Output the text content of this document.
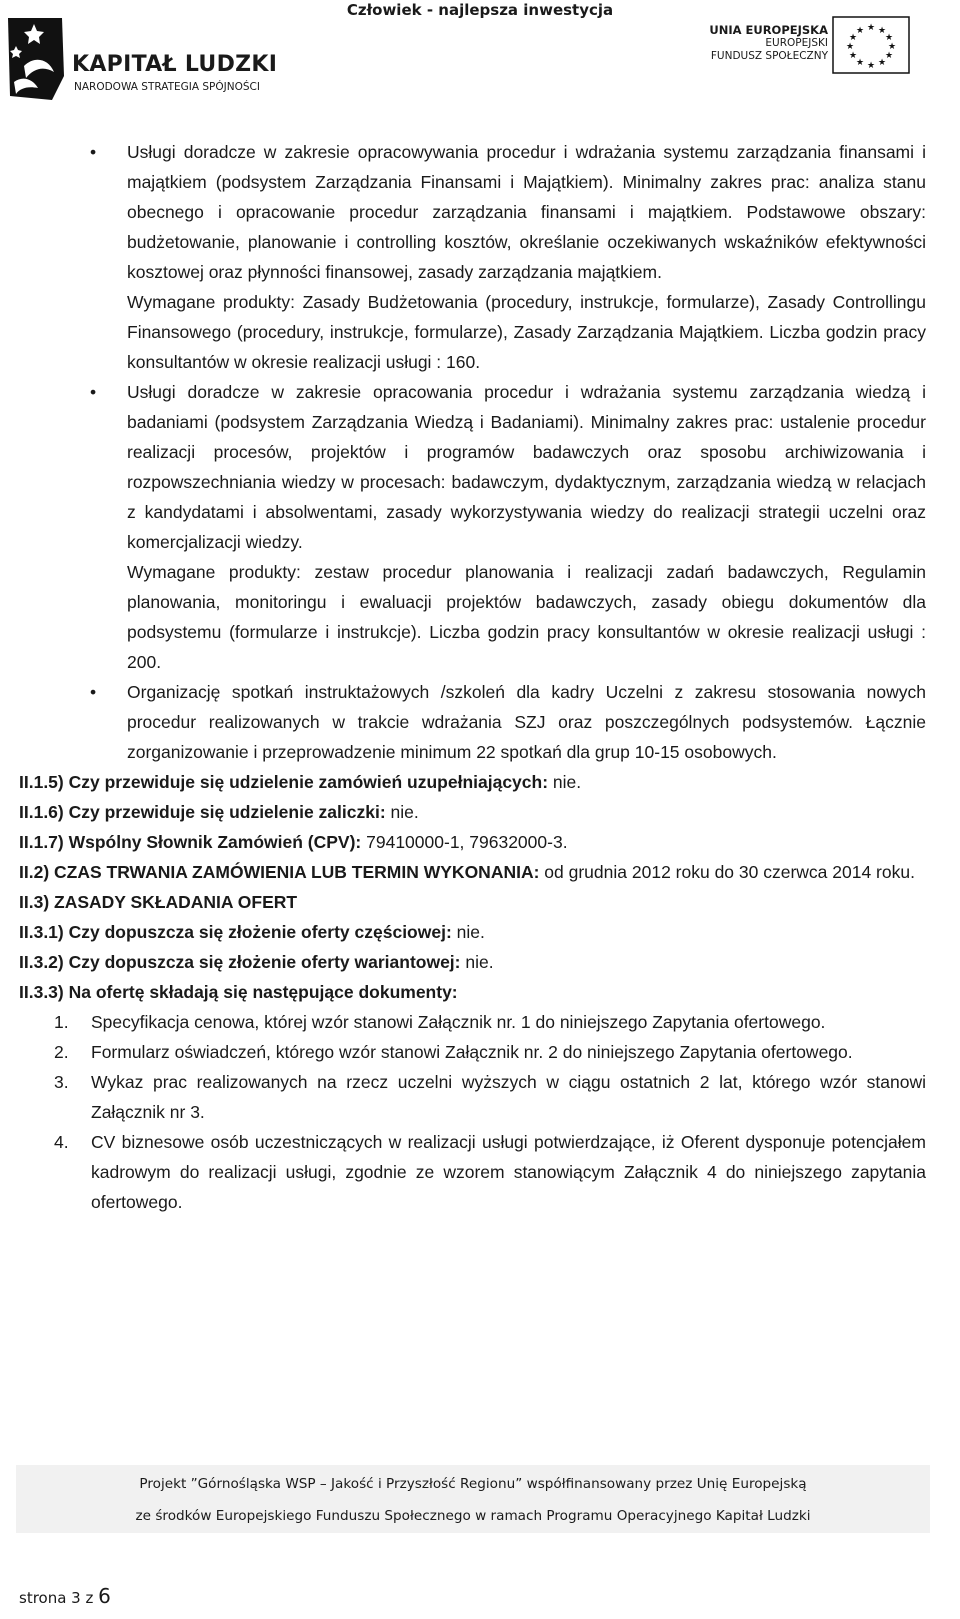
Człowiek - najlepsza inwestycja
KAPITAŁ LUDZKI
NARODOWA STRATEGIA SPÓJNOŚCI
UNIA EUROPEJSKA
EUROPEJSKI
FUNDUSZ SPOŁECZNY
★ ★
★
★
★
★
★
★
★
★
★
★
• Usługi doradcze w zakresie opracowywania procedur i wdrażania systemu zarządzania finansami i majątkiem (podsystem Zarządzania Finansami i Majątkiem). Minimalny zakres prac: analiza stanu obecnego i opracowanie procedur zarządzania finansami i majątkiem. Podstawowe obszary: budżetowanie, planowanie i controlling kosztów, określanie oczekiwanych wskaźników efektywności kosztowej oraz płynności finansowej, zasady zarządzania majątkiem.
Wymagane produkty: Zasady Budżetowania (procedury, instrukcje, formularze), Zasady Controllingu Finansowego (procedury, instrukcje, formularze), Zasady Zarządzania Majątkiem. Liczba godzin pracy konsultantów w okresie realizacji usługi : 160.
• Usługi doradcze w zakresie opracowania procedur i wdrażania systemu zarządzania wiedzą i badaniami (podsystem Zarządzania Wiedzą i Badaniami). Minimalny zakres prac: ustalenie procedur realizacji procesów, projektów i programów badawczych oraz sposobu archiwizowania i rozpowszechniania wiedzy w procesach: badawczym, dydaktycznym, zarządzania wiedzą w relacjach z kandydatami i absolwentami, zasady wykorzystywania wiedzy do realizacji strategii uczelni oraz komercjalizacji wiedzy.
Wymagane produkty: zestaw procedur planowania i realizacji zadań badawczych, Regulamin planowania, monitoringu i ewaluacji projektów badawczych, zasady obiegu dokumentów dla podsystemu (formularze i instrukcje). Liczba godzin pracy konsultantów w okresie realizacji usługi : 200.
• Organizację spotkań instruktażowych /szkoleń dla kadry Uczelni z zakresu stosowania nowych procedur realizowanych w trakcie wdrażania SZJ oraz poszczególnych podsystemów. Łącznie zorganizowanie i przeprowadzenie minimum 22 spotkań dla grup 10-15 osobowych.
II.1.5) Czy przewiduje się udzielenie zamówień uzupełniających: nie.
II.1.6) Czy przewiduje się udzielenie zaliczki: nie.
II.1.7) Wspólny Słownik Zamówień (CPV): 79410000-1, 79632000-3.
II.2) CZAS TRWANIA ZAMÓWIENIA LUB TERMIN WYKONANIA: od grudnia 2012 roku do 30 czerwca 2014 roku.
II.3) ZASADY SKŁADANIA OFERT
II.3.1) Czy dopuszcza się złożenie oferty częściowej: nie.
II.3.2) Czy dopuszcza się złożenie oferty wariantowej: nie.
II.3.3) Na ofertę składają się następujące dokumenty:
1. Specyfikacja cenowa, której wzór stanowi Załącznik nr. 1 do niniejszego Zapytania ofertowego.
2. Formularz oświadczeń, którego wzór stanowi Załącznik nr. 2 do niniejszego Zapytania ofertowego.
3. Wykaz prac realizowanych na rzecz uczelni wyższych w ciągu ostatnich 2 lat, którego wzór stanowi Załącznik nr 3.
4. CV biznesowe osób uczestniczących w realizacji usługi potwierdzające, iż Oferent dysponuje potencjałem kadrowym do realizacji usługi, zgodnie ze wzorem stanowiącym Załącznik 4 do niniejszego zapytania ofertowego.

Projekt ”Górnośląska WSP – Jakość i Przyszłość Regionu” współfinansowany przez Unię Europejską

ze środków Europejskiego Funduszu Społecznego w ramach Programu Operacyjnego Kapitał Ludzki

strona 3 z 6
